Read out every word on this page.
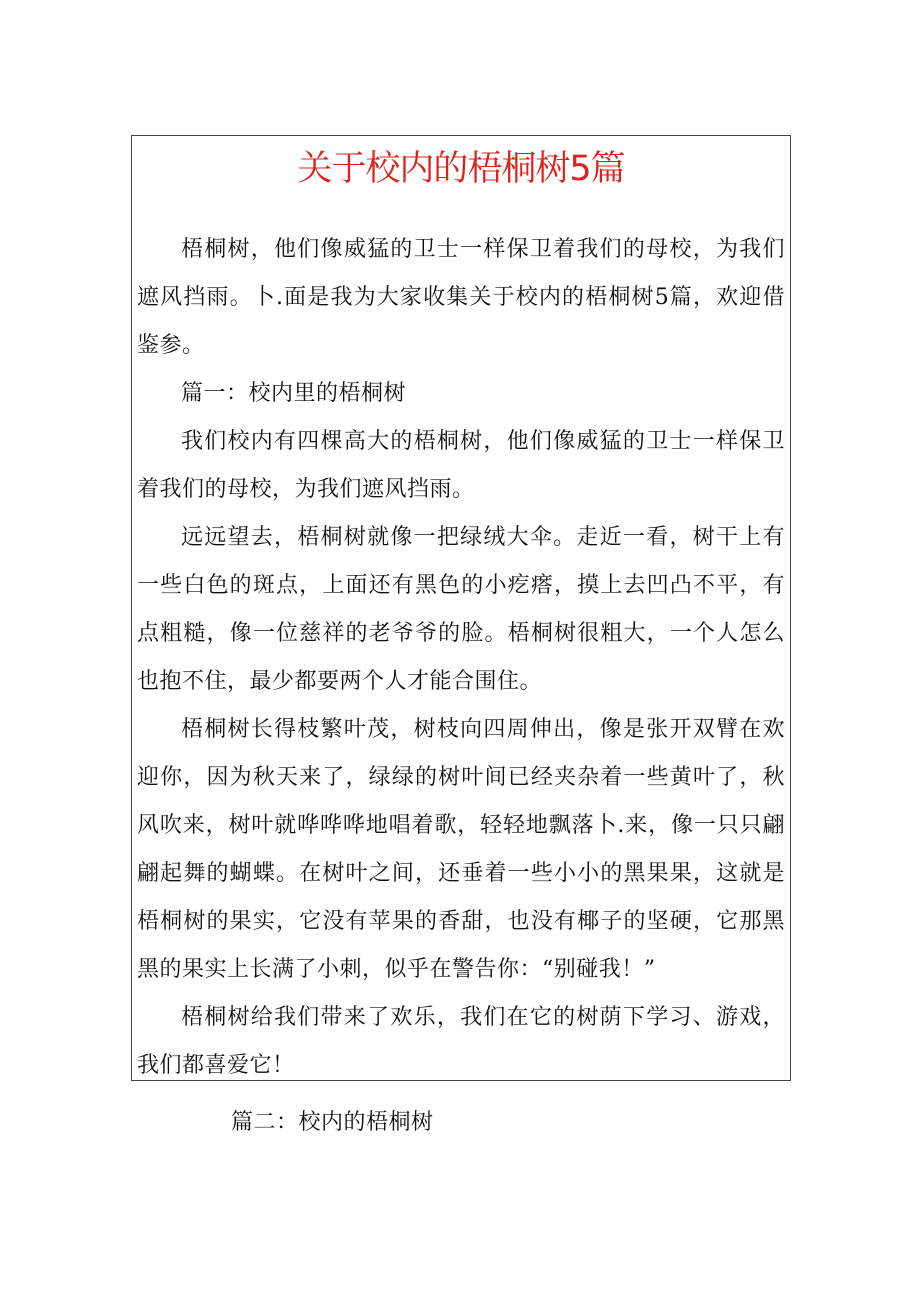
关于校内的梧桐树5篇

梧桐树，他们像威猛的卫士一样保卫着我们的母校，为我们遮风挡雨。卜.面是我为大家收集关于校内的梧桐树5篇，欢迎借鉴参。

篇一：校内里的梧桐树

我们校内有四棵高大的梧桐树，他们像威猛的卫士一样保卫着我们的母校，为我们遮风挡雨。

远远望去，梧桐树就像一把绿绒大伞。走近一看，树干上有一些白色的斑点，上面还有黑色的小疙瘩，摸上去凹凸不平，有点粗糙，像一位慈祥的老爷爷的脸。梧桐树很粗大，一个人怎么也抱不住，最少都要两个人才能合围住。

梧桐树长得枝繁叶茂，树枝向四周伸出，像是张开双臂在欢迎你，因为秋天来了，绿绿的树叶间已经夹杂着一些黄叶了，秋风吹来，树叶就哗哗哗地唱着歌，轻轻地飘落卜.来，像一只只翩翩起舞的蝴蝶。在树叶之间，还垂着一些小小的黑果果，这就是梧桐树的果实，它没有苹果的香甜，也没有椰子的坚硬，它那黑黑的果实上长满了小刺，似乎在警告你：“别碰我！”

梧桐树给我们带来了欢乐，我们在它的树荫下学习、游戏，我们都喜爱它！

篇二：校内的梧桐树
